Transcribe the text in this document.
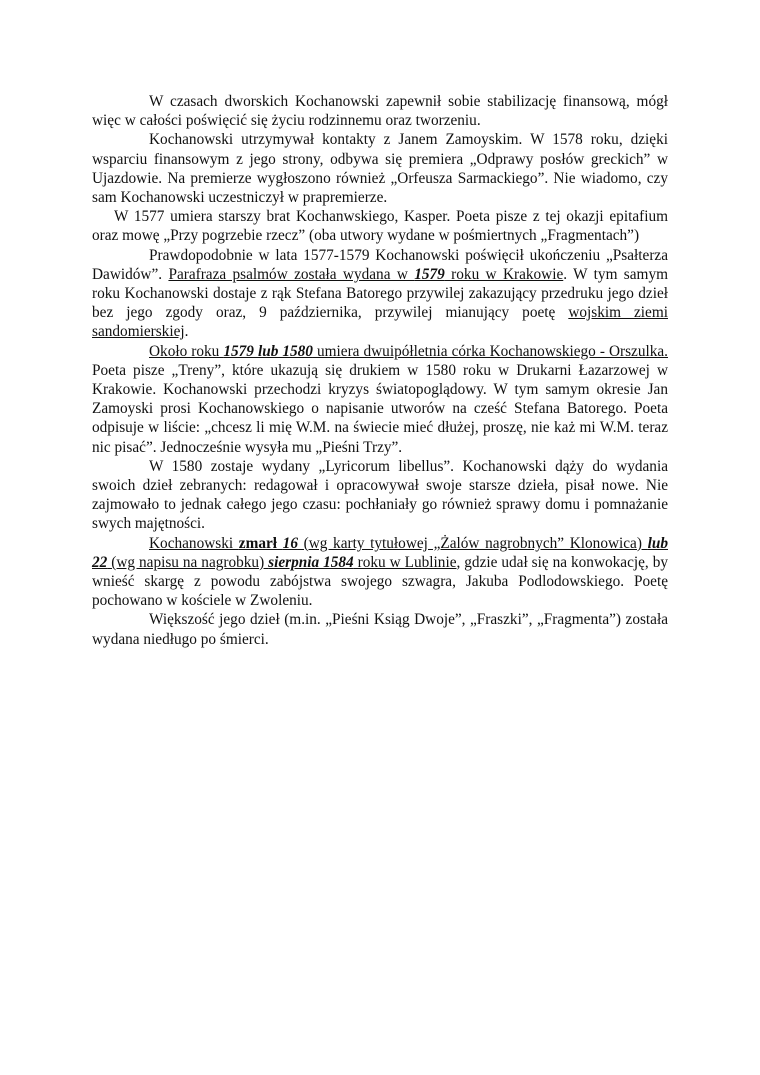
W czasach dworskich Kochanowski zapewnił sobie stabilizację finansową, mógł więc w całości poświęcić się życiu rodzinnemu oraz tworzeniu.

Kochanowski utrzymywał kontakty z Janem Zamoyskim. W 1578 roku, dzięki wsparciu finansowym z jego strony, odbywa się premiera „Odprawy posłów greckich” w Ujazdowie. Na premierze wygłoszono również „Orfeusza Sarmackiego”. Nie wiadomo, czy sam Kochanowski uczestniczył w prapremierze.

W 1577 umiera starszy brat Kochanwskiego, Kasper. Poeta pisze z tej okazji epitafium oraz mowę „Przy pogrzebie rzecz” (oba utwory wydane w pośmiertnych „Fragmentach”)

Prawdopodobnie w lata 1577-1579 Kochanowski poświęcił ukończeniu „Psałterza Dawidów”. Parafraza psalmów została wydana w 1579 roku w Krakowie. W tym samym roku Kochanowski dostaje z rąk Stefana Batorego przywilej zakazujący przedruku jego dzieł bez jego zgody oraz, 9 października, przywilej mianujący poetę wojskim ziemi sandomierskiej.

Około roku 1579 lub 1580 umiera dwuipółletnia córka Kochanowskiego - Orszulka. Poeta pisze „Treny”, które ukazują się drukiem w 1580 roku w Drukarni Łazarzowej w Krakowie. Kochanowski przechodzi kryzys światopoglądowy. W tym samym okresie Jan Zamoyski prosi Kochanowskiego o napisanie utworów na cześć Stefana Batorego. Poeta odpisuje w liście: „chcesz li mię W.M. na świecie mieć dłużej, proszę, nie każ mi W.M. teraz nic pisać”. Jednocześnie wysyła mu „Pieśni Trzy”.

W 1580 zostaje wydany „Lyricorum libellus”. Kochanowski dąży do wydania swoich dzieł zebranych: redagował i opracowywał swoje starsze dzieła, pisał nowe. Nie zajmowało to jednak całego jego czasu: pochłaniały go również sprawy domu i pomnażanie swych majętności.

Kochanowski zmarł 16 (wg karty tytułowej „Żalów nagrobnych” Klonowica) lub 22 (wg napisu na nagrobku) sierpnia 1584 roku w Lublinie, gdzie udał się na konwokację, by wnieść skargę z powodu zabójstwa swojego szwagra, Jakuba Podlodowskiego. Poetę pochowano w kościele w Zwoleniu.

Większość jego dzieł (m.in. „Pieśni Ksiąg Dwoje”, „Fraszki”, „Fragmenta”) została wydana niedługo po śmierci.
